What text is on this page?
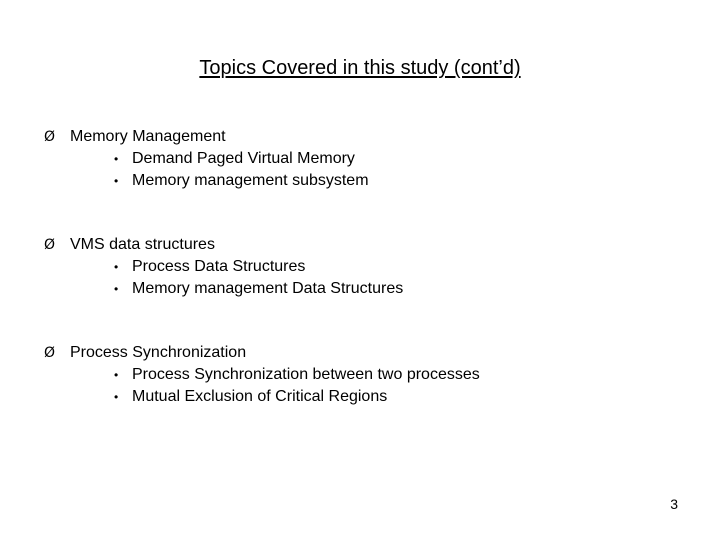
Topics Covered in this study (cont’d)
Ø Memory Management
• Demand Paged Virtual Memory
• Memory management subsystem
Ø VMS data structures
• Process Data Structures
• Memory management Data Structures
Ø Process Synchronization
• Process Synchronization between two processes
• Mutual Exclusion of Critical Regions
3
